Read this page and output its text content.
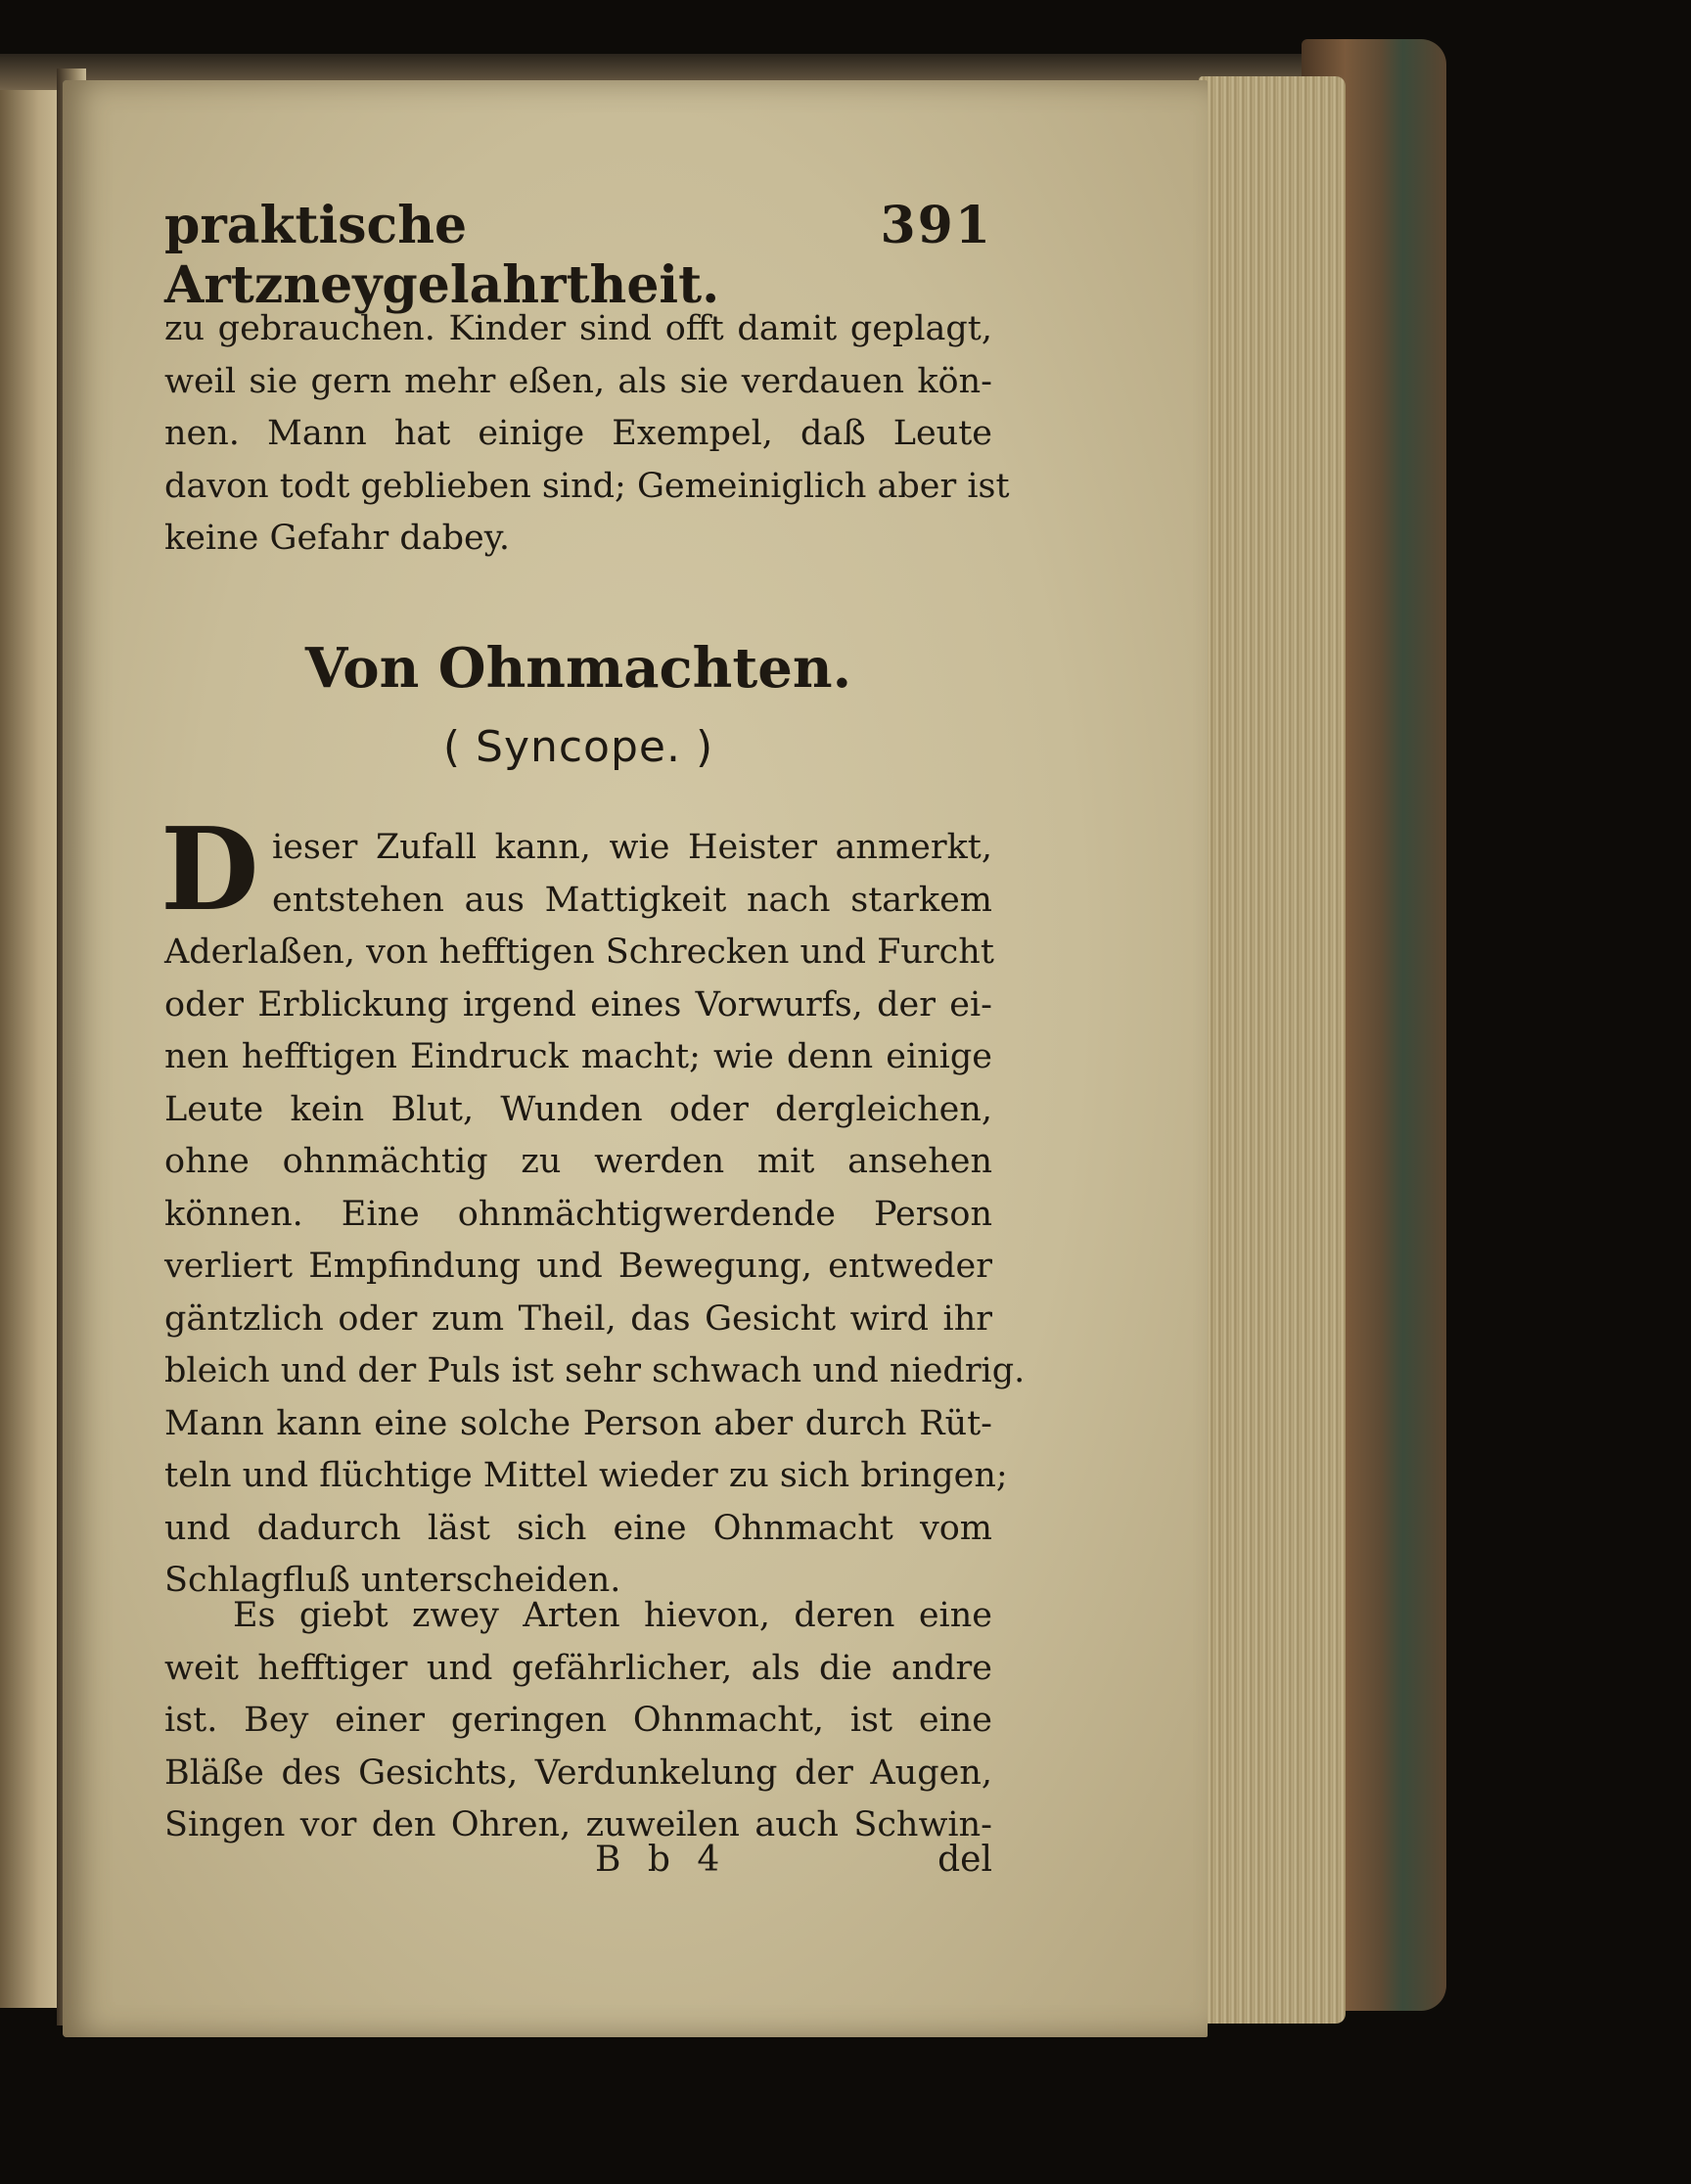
praktische Artzneygelahrtheit.
391
zu gebrauchen. Kinder sind offt damit geplagt,
weil sie gern mehr eßen, als sie verdauen kön-
nen. Mann hat einige Exempel, daß Leute
davon todt geblieben sind; Gemeiniglich aber ist
keine Gefahr dabey.
Von Ohnmachten.
( Syncope. )
D ieser Zufall kann, wie Heister anmerkt,
entstehen aus Mattigkeit nach starkem
Aderlaßen, von hefftigen Schrecken und Furcht
oder Erblickung irgend eines Vorwurfs, der ei-
nen hefftigen Eindruck macht; wie denn einige
Leute kein Blut, Wunden oder dergleichen,
ohne ohnmächtig zu werden mit ansehen
können. Eine ohnmächtigwerdende Person
verliert Empfindung und Bewegung, entweder
gäntzlich oder zum Theil, das Gesicht wird ihr
bleich und der Puls ist sehr schwach und niedrig.
Mann kann eine solche Person aber durch Rüt-
teln und flüchtige Mittel wieder zu sich bringen;
und dadurch läst sich eine Ohnmacht vom
Schlagfluß unterscheiden.
Es giebt zwey Arten hievon, deren eine
weit hefftiger und gefährlicher, als die andre
ist. Bey einer geringen Ohnmacht, ist eine
Bläße des Gesichts, Verdunkelung der Augen,
Singen vor den Ohren, zuweilen auch Schwin-
B b 4	del
